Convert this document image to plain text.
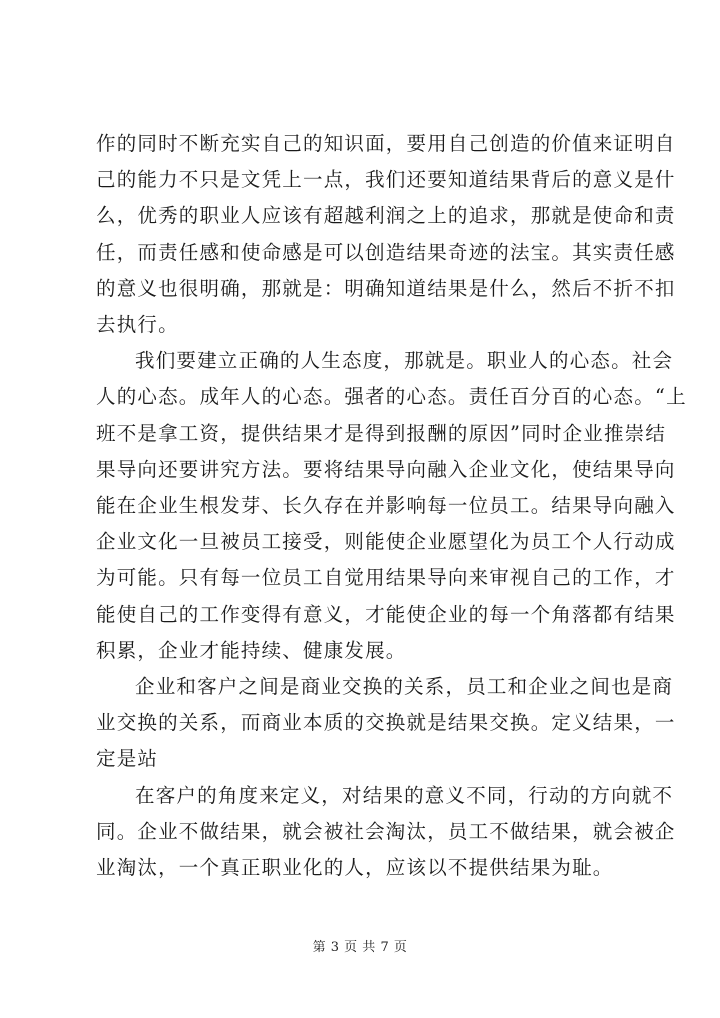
作的同时不断充实自己的知识面，要用自己创造的价值来证明自
己的能力不只是文凭上一点，我们还要知道结果背后的意义是什
么，优秀的职业人应该有超越利润之上的追求，那就是使命和责
任，而责任感和使命感是可以创造结果奇迹的法宝。其实责任感
的意义也很明确，那就是：明确知道结果是什么，然后不折不扣
去执行。

我们要建立正确的人生态度，那就是。职业人的心态。社会
人的心态。成年人的心态。强者的心态。责任百分百的心态。“上
班不是拿工资，提供结果才是得到报酬的原因”同时企业推崇结
果导向还要讲究方法。要将结果导向融入企业文化，使结果导向
能在企业生根发芽、长久存在并影响每一位员工。结果导向融入
企业文化一旦被员工接受，则能使企业愿望化为员工个人行动成
为可能。只有每一位员工自觉用结果导向来审视自己的工作，才
能使自己的工作变得有意义，才能使企业的每一个角落都有结果
积累，企业才能持续、健康发展。

企业和客户之间是商业交换的关系，员工和企业之间也是商
业交换的关系，而商业本质的交换就是结果交换。定义结果，一
定是站

在客户的角度来定义，对结果的意义不同，行动的方向就不
同。企业不做结果，就会被社会淘汰，员工不做结果，就会被企
业淘汰，一个真正职业化的人，应该以不提供结果为耻。

第 3 页 共 7 页
